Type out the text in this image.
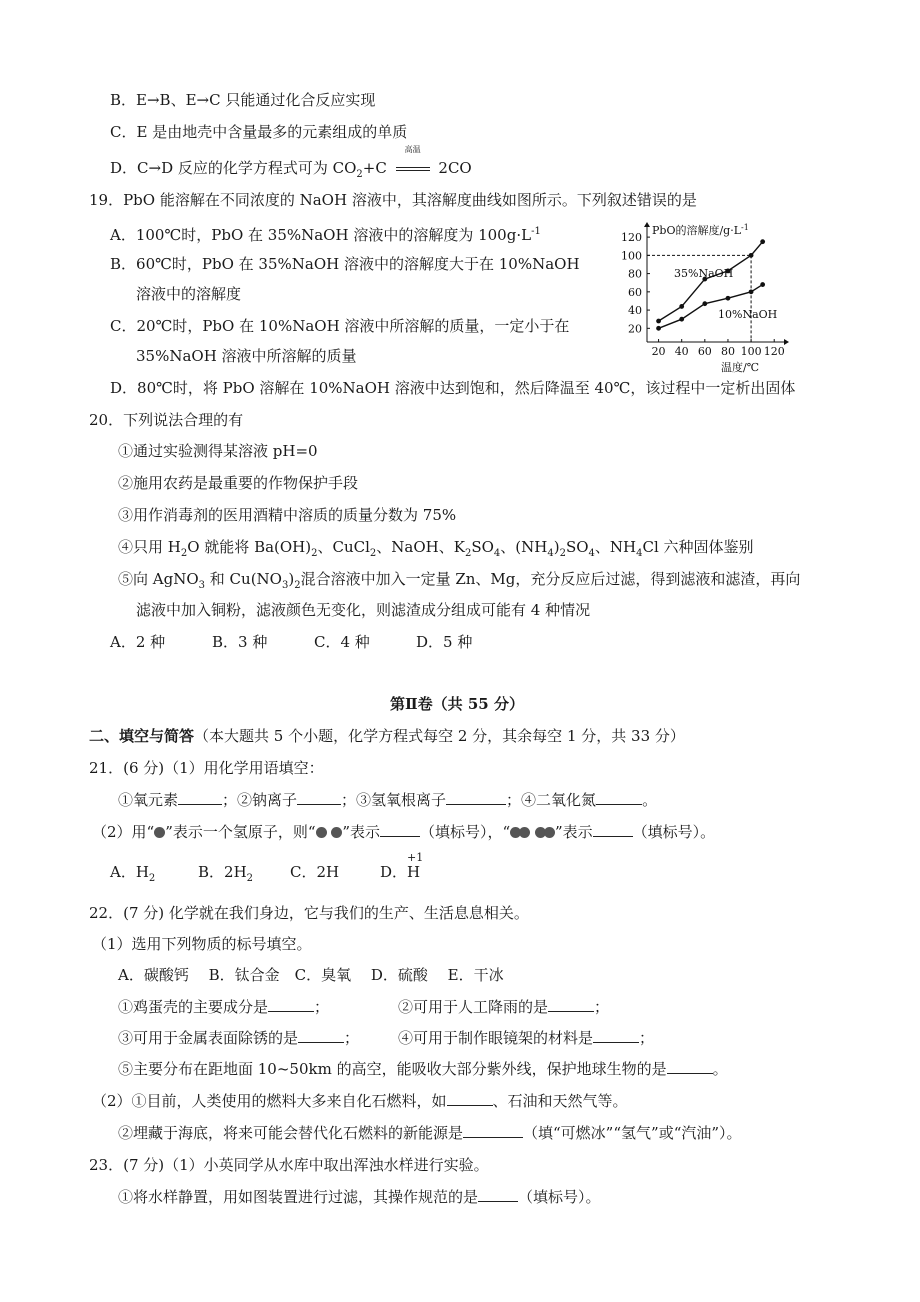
B．E→B、E→C 只能通过化合反应实现
C．E 是由地壳中含量最多的元素组成的单质
D．C→D 反应的化学方程式可为 $CO_2+C$
高温
2CO
19．PbO 能溶解在不同浓度的 NaOH 溶液中，其溶解度曲线如图所示。下列叙述错误的是
A．100℃时，PbO 在 35%NaOH 溶液中的溶解度为 $100g\cdot L^{-1}$
B．60℃时，PbO 在 35%NaOH 溶液中的溶解度大于在 10%NaOH
溶液中的溶解度
C．20℃时，PbO 在 10%NaOH 溶液中所溶解的质量，一定小于在
35%NaOH 溶液中所溶解的质量
D．80℃时，将 PbO 溶解在 10%NaOH 溶液中达到饱和，然后降温至 40℃，该过程中一定析出固体
20 40 60 80 100 120
20
40
60
80
100
120
35%NaOH
10%NaOH
PbO的溶解度$/g\cdot L^{-1}$
温度/℃
20．下列说法合理的有
①通过实验测得某溶液 pH=0
②施用农药是最重要的作物保护手段
③用作消毒剂的医用酒精中溶质的质量分数为 75%
④只用 $H_2O$ 就能将 $Ba(OH)_2$、CuCl$_2$、NaOH、$K_2SO_4$、$(NH_4)_2SO_4$、$NH_4Cl$ 六种固体鉴别
⑤向 AgNO$_3$ 和 $Cu(NO_3)_2$混合溶液中加入一定量 Zn、Mg，充分反应后过滤，得到滤液和滤渣，再向
滤液中加入铜粉，滤液颜色无变化，则滤渣成分组成可能有 4 种情况
A．2 种	B．3 种	C．4 种	D．5 种
第Ⅱ卷（共 55 分）
二、填空与简答（本大题共 5 个小题，化学方程式每空 2 分，其余每空 1 分，共 33 分）
21．(6 分)（1）用化学用语填空：
①氧元素	；②钠离子	；③氢氧根离子	；④二氧化氮	。
（2）用“ ”表示一个氢原子，则“ ”表示	（填标号），“	”表示	（填标号）。
A．$H_2$	B．$2H_2$ C．2H	D．
+1
H
22．(7 分) 化学就在我们身边，它与我们的生产、生活息息相关。
（1）选用下列物质的标号填空。
A．碳酸钙　 B．钛合金　C．臭氧　 D．硫酸　 E．干冰
①鸡蛋壳的主要成分是	；	②可用于人工降雨的是	；
③可用于金属表面除锈的是	；	④可用于制作眼镜架的材料是	；
⑤主要分布在距地面 10~50km 的高空，能吸收大部分紫外线，保护地球生物的是	。
（2）①目前，人类使用的燃料大多来自化石燃料，如	、石油和天然气等。
②埋藏于海底，将来可能会替代化石燃料的新能源是	（填“可燃冰”“氢气”或“汽油”）。
23．(7 分)（1）小英同学从水库中取出浑浊水样进行实验。
①将水样静置，用如图装置进行过滤，其操作规范的是	（填标号）。
